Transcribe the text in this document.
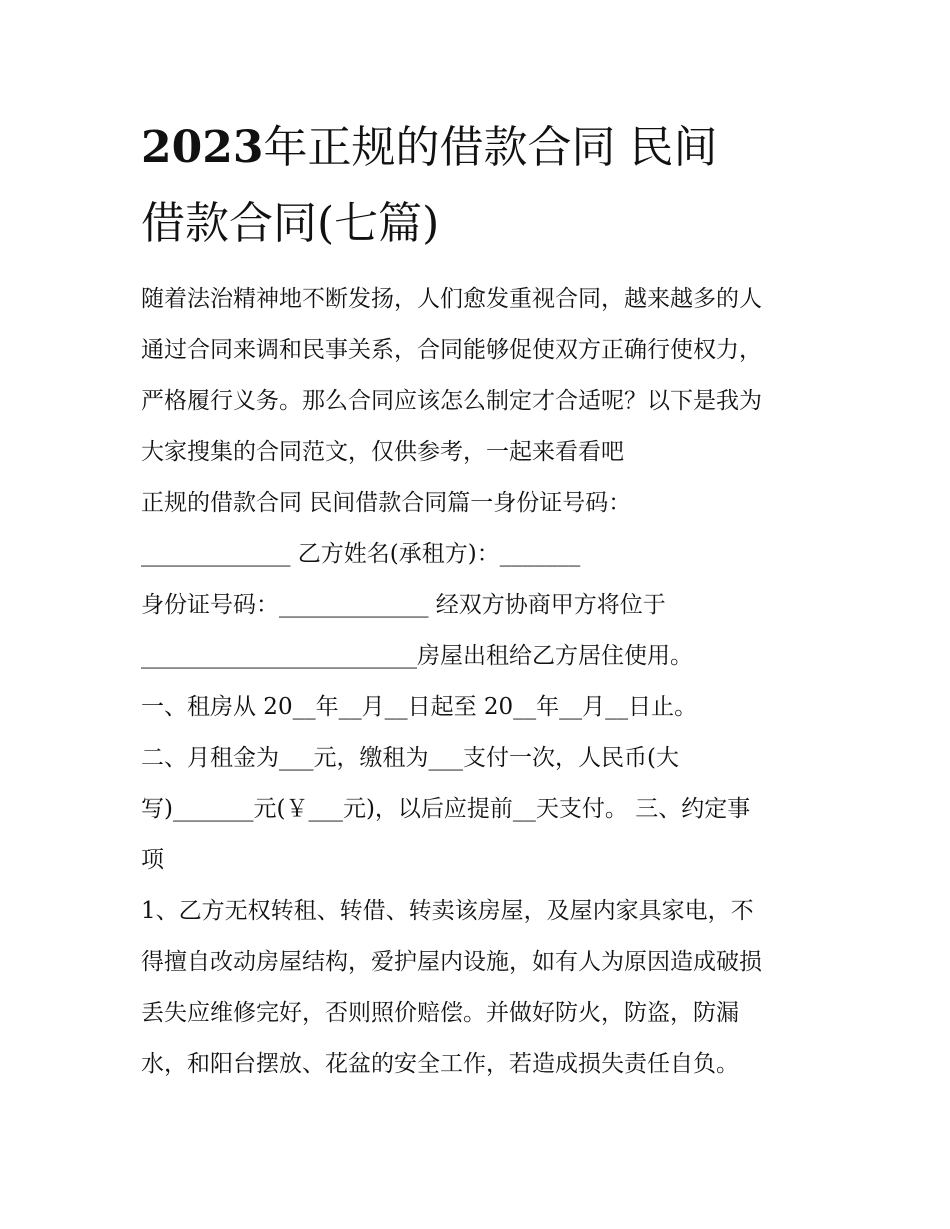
2023年正规的借款合同 民间
借款合同(七篇)

随着法治精神地不断发扬，人们愈发重视合同，越来越多的人

通过合同来调和民事关系，合同能够促使双方正确行使权力，

严格履行义务。那么合同应该怎么制定才合适呢？以下是我为

大家搜集的合同范文，仅供参考，一起来看看吧

正规的借款合同 民间借款合同篇一身份证号码：

_____________ 乙方姓名(承租方)：_______

身份证号码：_____________ 经双方协商甲方将位于

________________________房屋出租给乙方居住使用。

一、租房从 20__年__月__日起至 20__年__月__日止。

二、月租金为___元，缴租为___支付一次，人民币(大

写)_______元(￥___元)，以后应提前__天支付。 三、约定事

项

1、乙方无权转租、转借、转卖该房屋，及屋内家具家电，不

得擅自改动房屋结构，爱护屋内设施，如有人为原因造成破损

丢失应维修完好，否则照价赔偿。并做好防火，防盗，防漏

水，和阳台摆放、花盆的安全工作，若造成损失责任自负。
